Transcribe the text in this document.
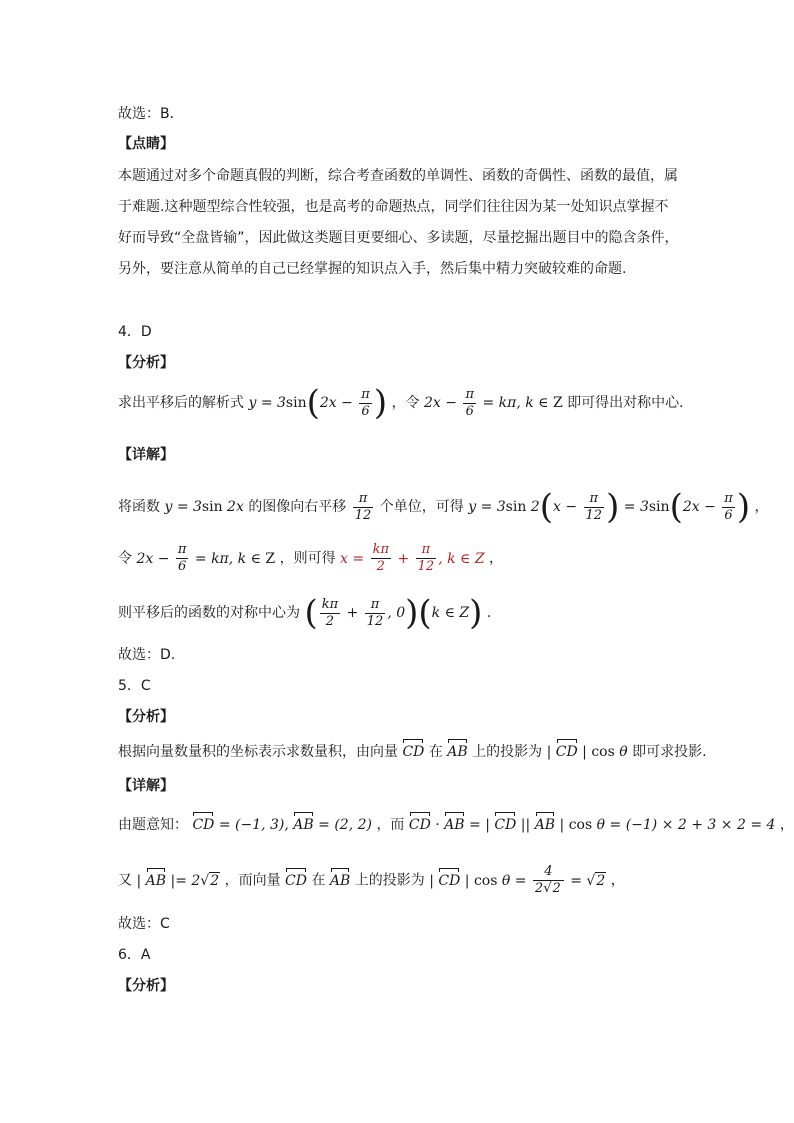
故选：B．
【点睛】
本题通过对多个命题真假的判断，综合考查函数的单调性、函数的奇偶性、函数的最值，属
于难题.这种题型综合性较强，也是高考的命题热点，同学们往往因为某一处知识点掌握不
好而导致“全盘皆输”，因此做这类题目更要细心、多读题，尽量挖掘出题目中的隐含条件，
另外，要注意从简单的自己已经掌握的知识点入手，然后集中精力突破较难的命题.
4．D
【分析】
求出平移后的解析式 $y = 3\sin(2x - \frac{\pi}{6}$ ) ，令 $2x - \frac{\pi}{6} = k\pi$, k ∈ Z 即可得出对称中心.
【详解】
将函数 y = 3sin 2x 的图像向右平移 $\frac{\pi}{12}$ 个单位，可得 y = 3sin $2(x - \frac{\pi}{12}$ ) = $3\sin(2x - \frac{\pi}{6}$ ) ，
令 $2x - \frac{\pi}{6} = k\pi$, k ∈ Z ，则可得 $x = \frac{k\pi}{2} + \frac{\pi}{12}$ , k ∈ Z ，
则平移后的函数的对称中心为 ( $\frac{k\pi}{2} + \frac{\pi}{12}$ , 0)(k ∈ Z) .
故选：D.
5．C
【分析】
根据向量数量积的坐标表示求数量积，由向量 CD 在 AB 上的投影为 | CD | cos θ 即可求投影.
【详解】
由题意知： CD = (−1, 3), AB = (2, 2) ，而 CD · AB = | CD || AB | cos θ = (−1) × 2 + 3 × 2 = 4 ，
又 | AB |= 2√2 ，而向量 CD 在 AB 上的投影为 | CD | $\cos \theta = \frac{4}{2√2} = √2$ ，
故选：C
6．A
【分析】
